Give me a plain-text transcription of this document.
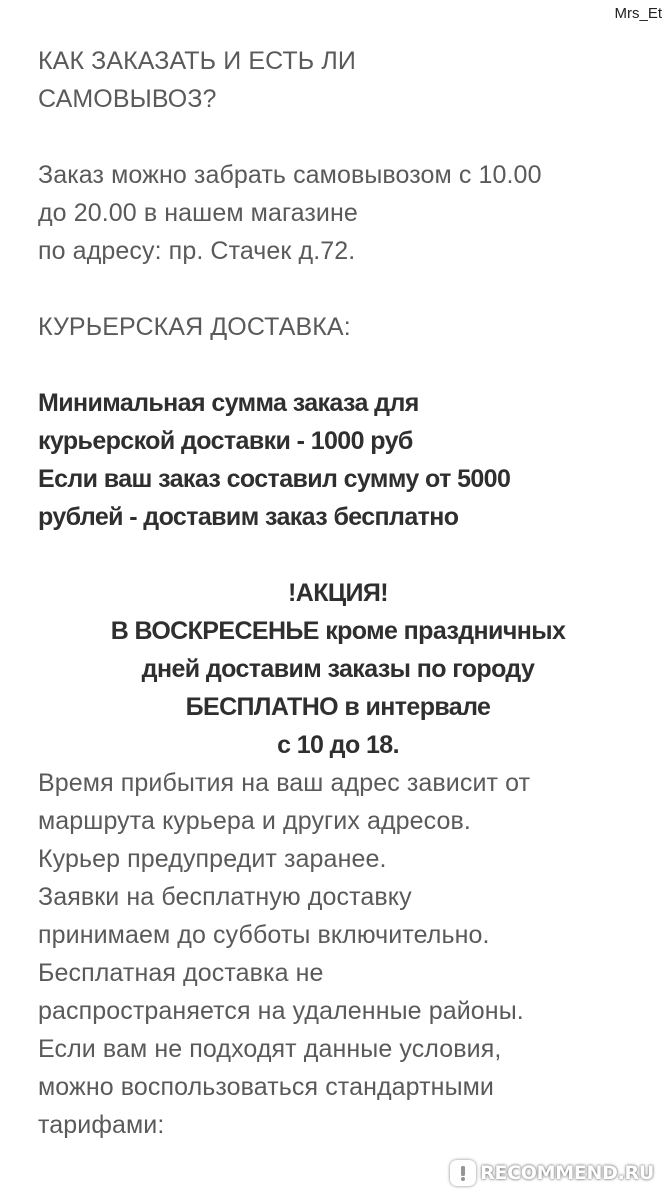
Mrs_Et
КАК ЗАКАЗАТЬ И ЕСТЬ ЛИ
САМОВЫВОЗ?
Заказ можно забрать самовывозом с 10.00
до 20.00 в нашем магазине
по адресу: пр. Стачек д.72.
КУРЬЕРСКАЯ ДОСТАВКА:
Минимальная сумма заказа для
курьерской доставки - 1000 руб
Если ваш заказ составил сумму от 5000
рублей - доставим заказ бесплатно
!АКЦИЯ!
В ВОСКРЕСЕНЬЕ кроме праздничных
дней доставим заказы по городу
БЕСПЛАТНО в интервале
с 10 до 18.
Время прибытия на ваш адрес зависит от
маршрута курьера и других адресов.
Курьер предупредит заранее.
Заявки на бесплатную доставку
принимаем до субботы включительно.
Бесплатная доставка не
распространяется на удаленные районы.
Если вам не подходят данные условия,
можно воспользоваться стандартными
тарифами:
RECOMMEND.RU
